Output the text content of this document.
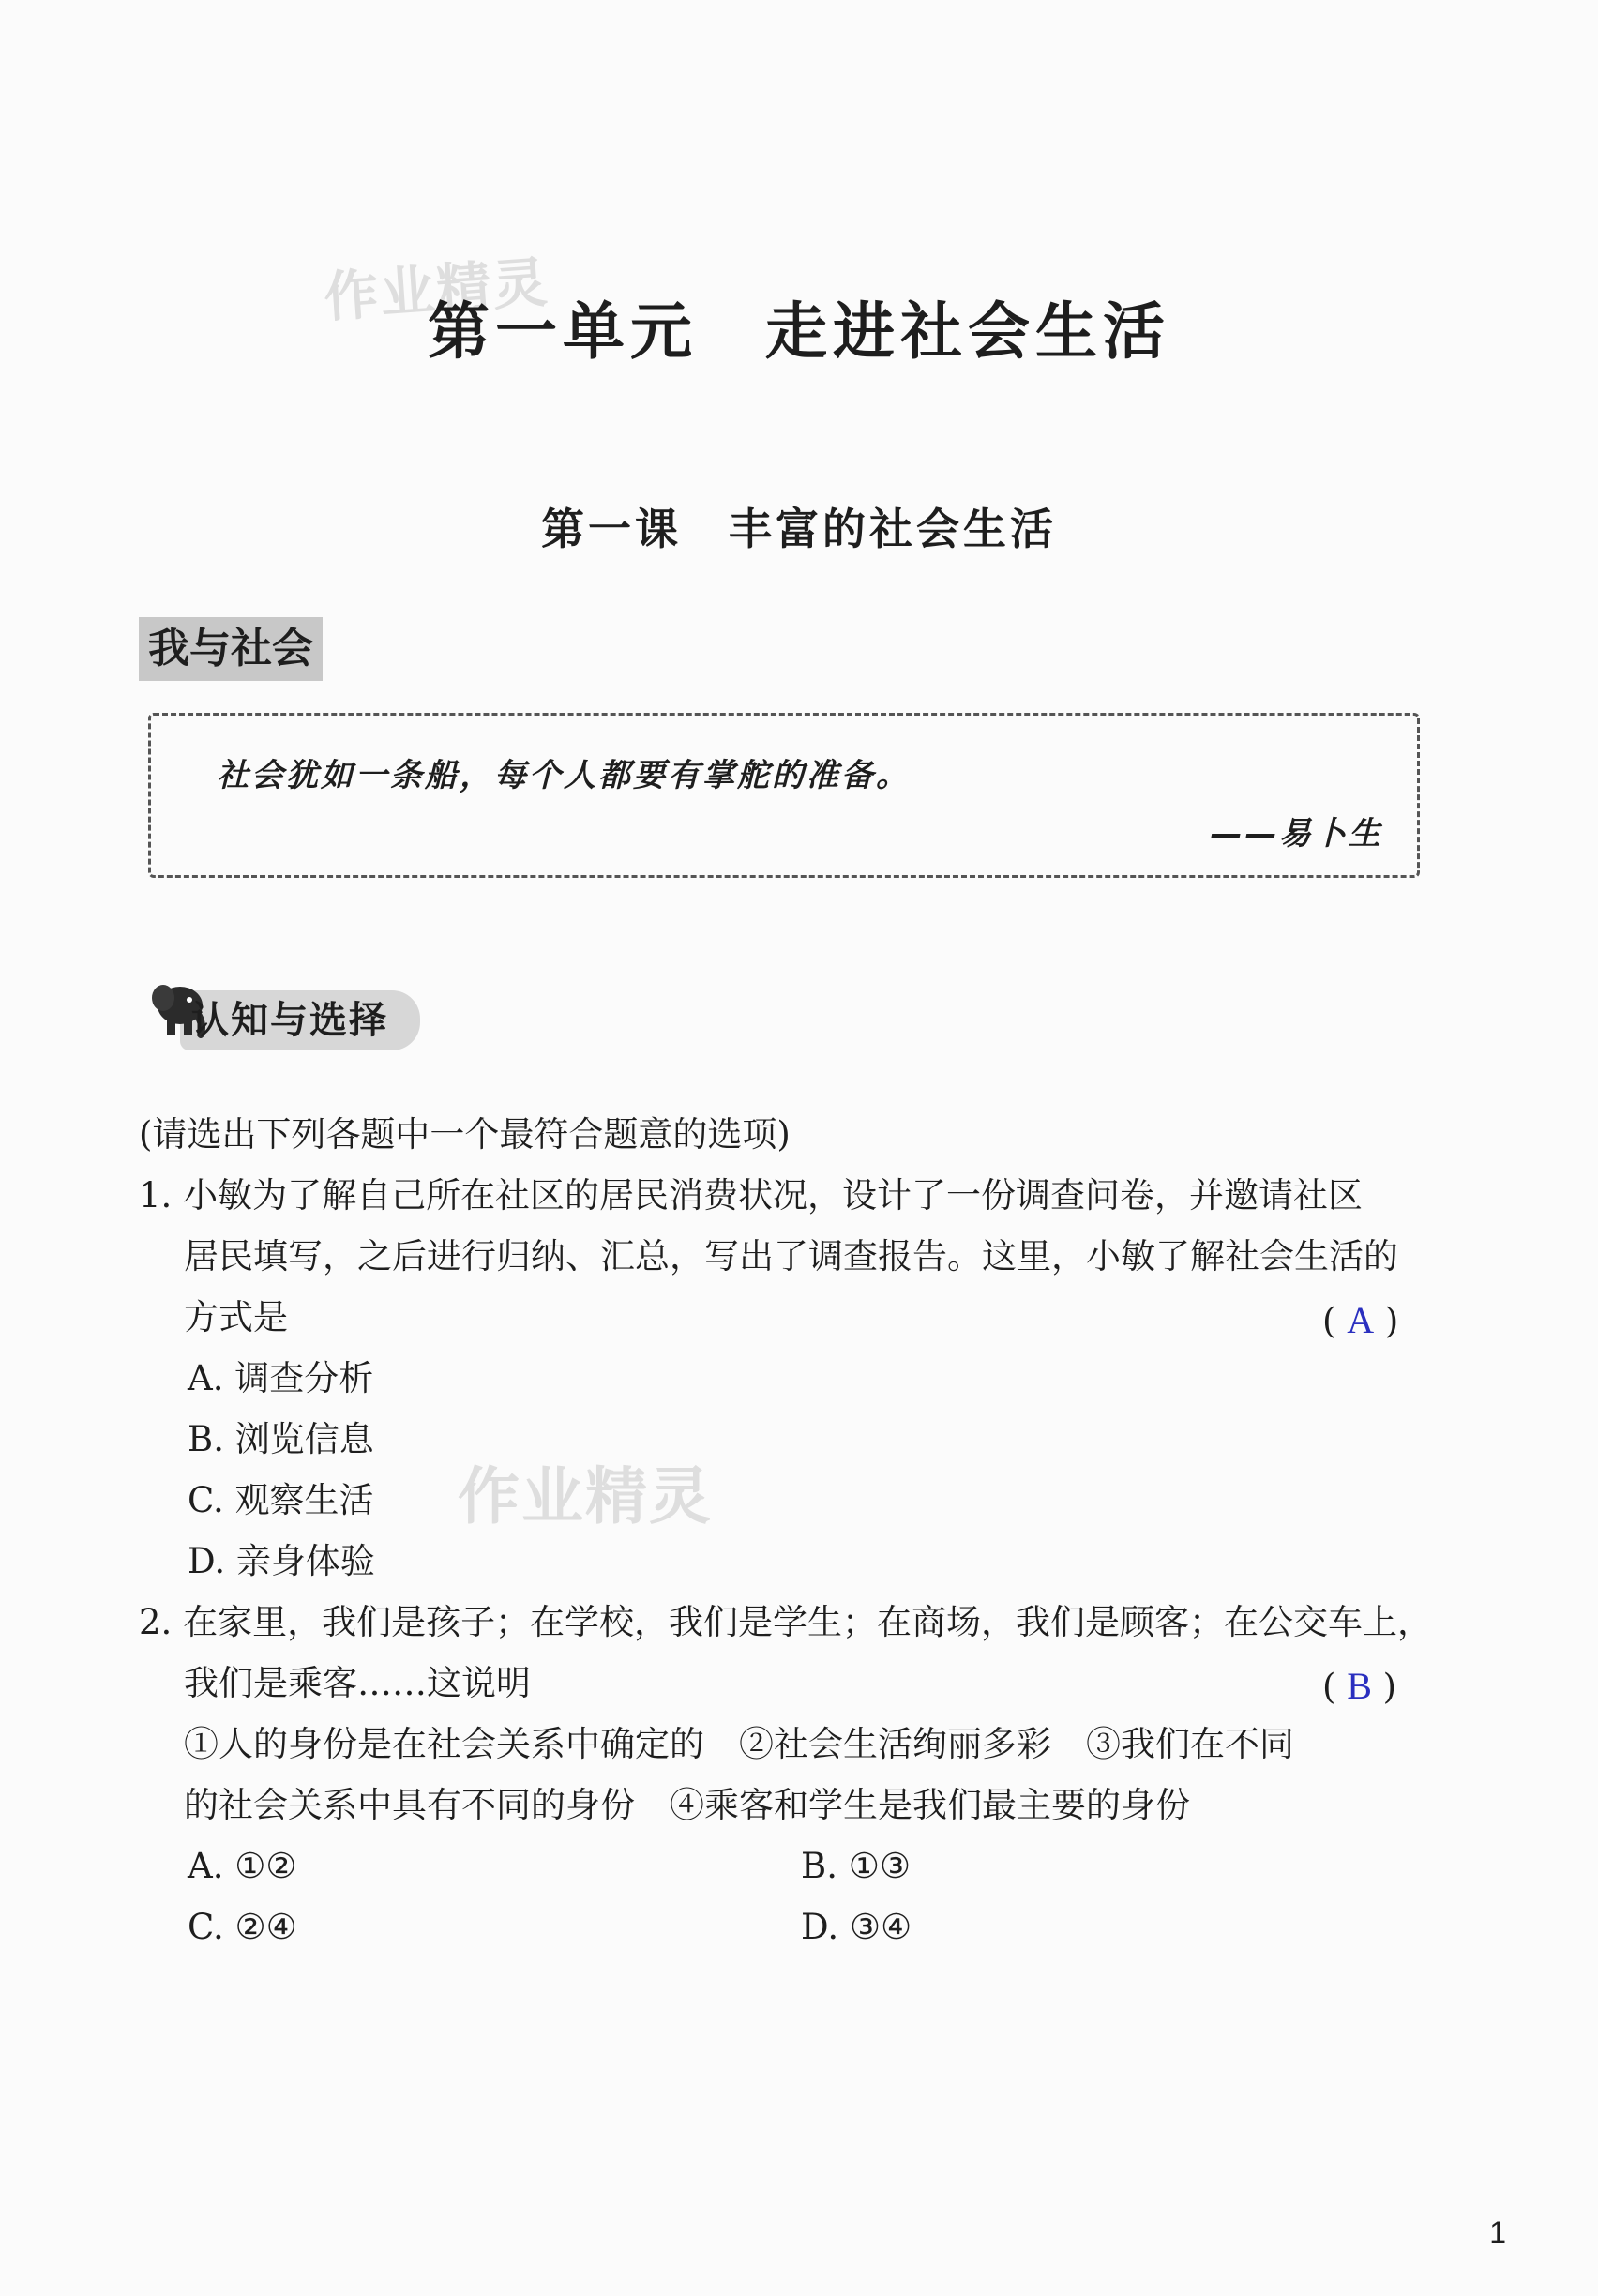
作业精灵
作业精灵
第一单元　走进社会生活
第一课　丰富的社会生活
我与社会
社会犹如一条船，每个人都要有掌舵的准备。
——易卜生
认知与选择
(请选出下列各题中一个最符合题意的选项)
1. 小敏为了解自己所在社区的居民消费状况，设计了一份调查问卷，并邀请社区
居民填写，之后进行归纳、汇总，写出了调查报告。这里，小敏了解社会生活的
方式是	( A )
A. 调查分析
B. 浏览信息
C. 观察生活
D. 亲身体验
2. 在家里，我们是孩子；在学校，我们是学生；在商场，我们是顾客；在公交车上，
我们是乘客……这说明	( B )
①人的身份是在社会关系中确定的　②社会生活绚丽多彩　③我们在不同
的社会关系中具有不同的身份　④乘客和学生是我们最主要的身份
A. ①②	B. ①③
C. ②④	D. ③④
1
